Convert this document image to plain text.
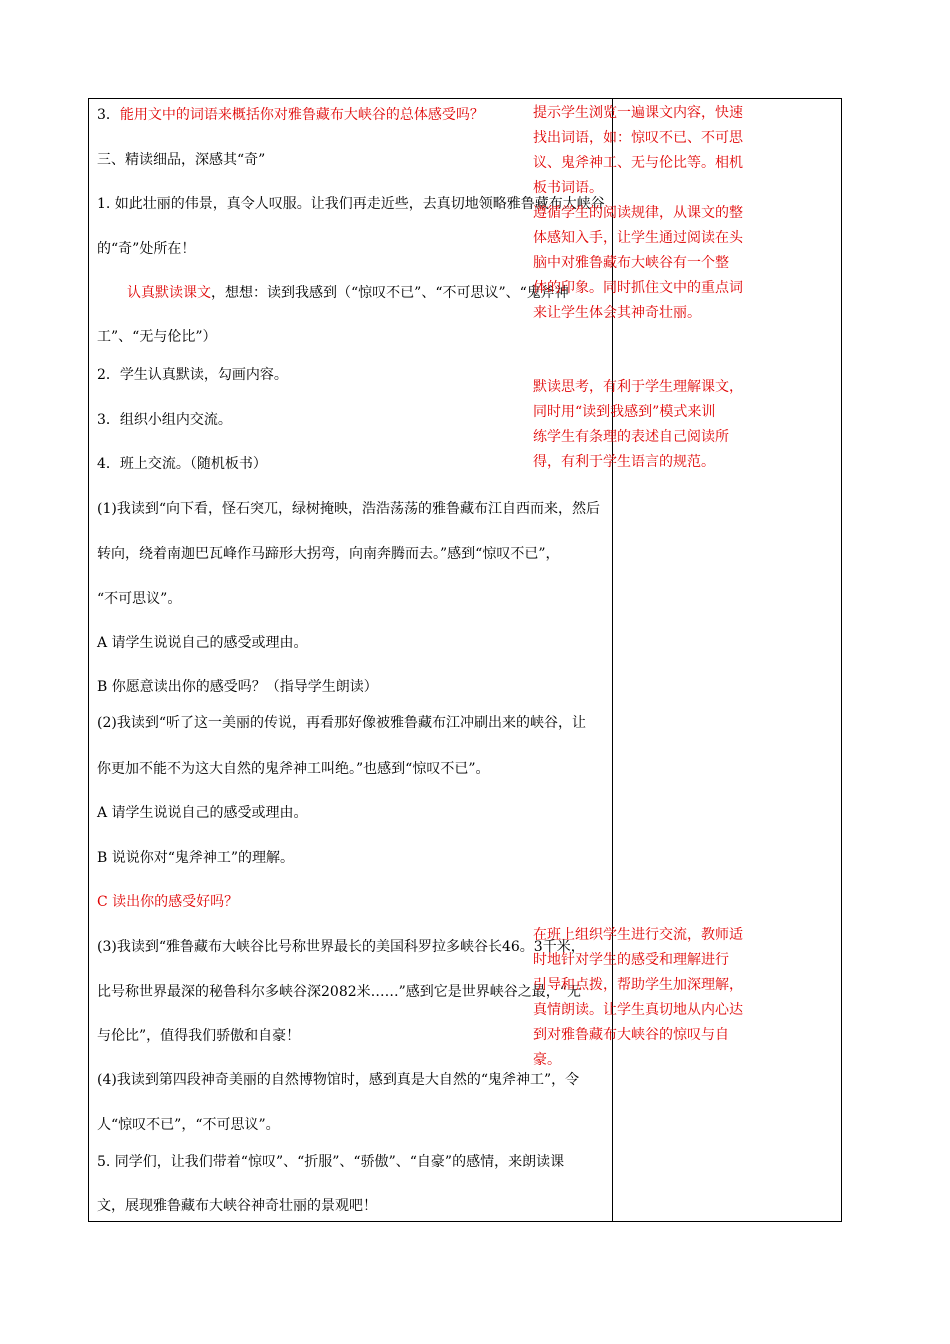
3．能用文中的词语来概括你对雅鲁藏布大峡谷的总体感受吗？
三、精读细品，深感其“奇”
1. 如此壮丽的伟景，真令人叹服。让我们再走近些，去真切地领略雅鲁藏布大峡谷
的“奇”处所在！
认真默读课文，想想：读到我感到（“惊叹不已”、“不可思议”、“鬼斧神
工”、“无与伦比”）
2．学生认真默读，勾画内容。
3．组织小组内交流。
4．班上交流。（随机板书）
(1)我读到“向下看，怪石突兀，绿树掩映，浩浩荡荡的雅鲁藏布江自西而来，然后
转向，绕着南迦巴瓦峰作马蹄形大拐弯，向南奔腾而去。”感到“惊叹不已”，
“不可思议”。
A 请学生说说自己的感受或理由。
B 你愿意读出你的感受吗？（指导学生朗读）
(2)我读到“听了这一美丽的传说，再看那好像被雅鲁藏布江冲刷出来的峡谷，让
你更加不能不为这大自然的鬼斧神工叫绝。”也感到“惊叹不已”。
A 请学生说说自己的感受或理由。
B 说说你对“鬼斧神工”的理解。
C 读出你的感受好吗？
(3)我读到“雅鲁藏布大峡谷比号称世界最长的美国科罗拉多峡谷长46。3千米，
比号称世界最深的秘鲁科尔多峡谷深2082米……”感到它是世界峡谷之最，“无
与伦比”，值得我们骄傲和自豪！
(4)我读到第四段神奇美丽的自然博物馆时，感到真是大自然的“鬼斧神工”，令
人“惊叹不已”，“不可思议”。
5. 同学们，让我们带着“惊叹”、“折服”、“骄傲”、“自豪”的感情，来朗读课
文，展现雅鲁藏布大峡谷神奇壮丽的景观吧！
提示学生浏览一遍课文内容，快速
找出词语，如：惊叹不已、不可思
议、鬼斧神工、无与伦比等。相机
板书词语。
遵循学生的阅读规律，从课文的整
体感知入手，让学生通过阅读在头
脑中对雅鲁藏布大峡谷有一个整
体的印象。同时抓住文中的重点词
来让学生体会其神奇壮丽。
默读思考，有利于学生理解课文，
同时用“读到我感到”模式来训
练学生有条理的表述自己阅读所
得，有利于学生语言的规范。
在班上组织学生进行交流，教师适
时地针对学生的感受和理解进行
引导和点拨，帮助学生加深理解，
真情朗读。让学生真切地从内心达
到对雅鲁藏布大峡谷的惊叹与自
豪。
